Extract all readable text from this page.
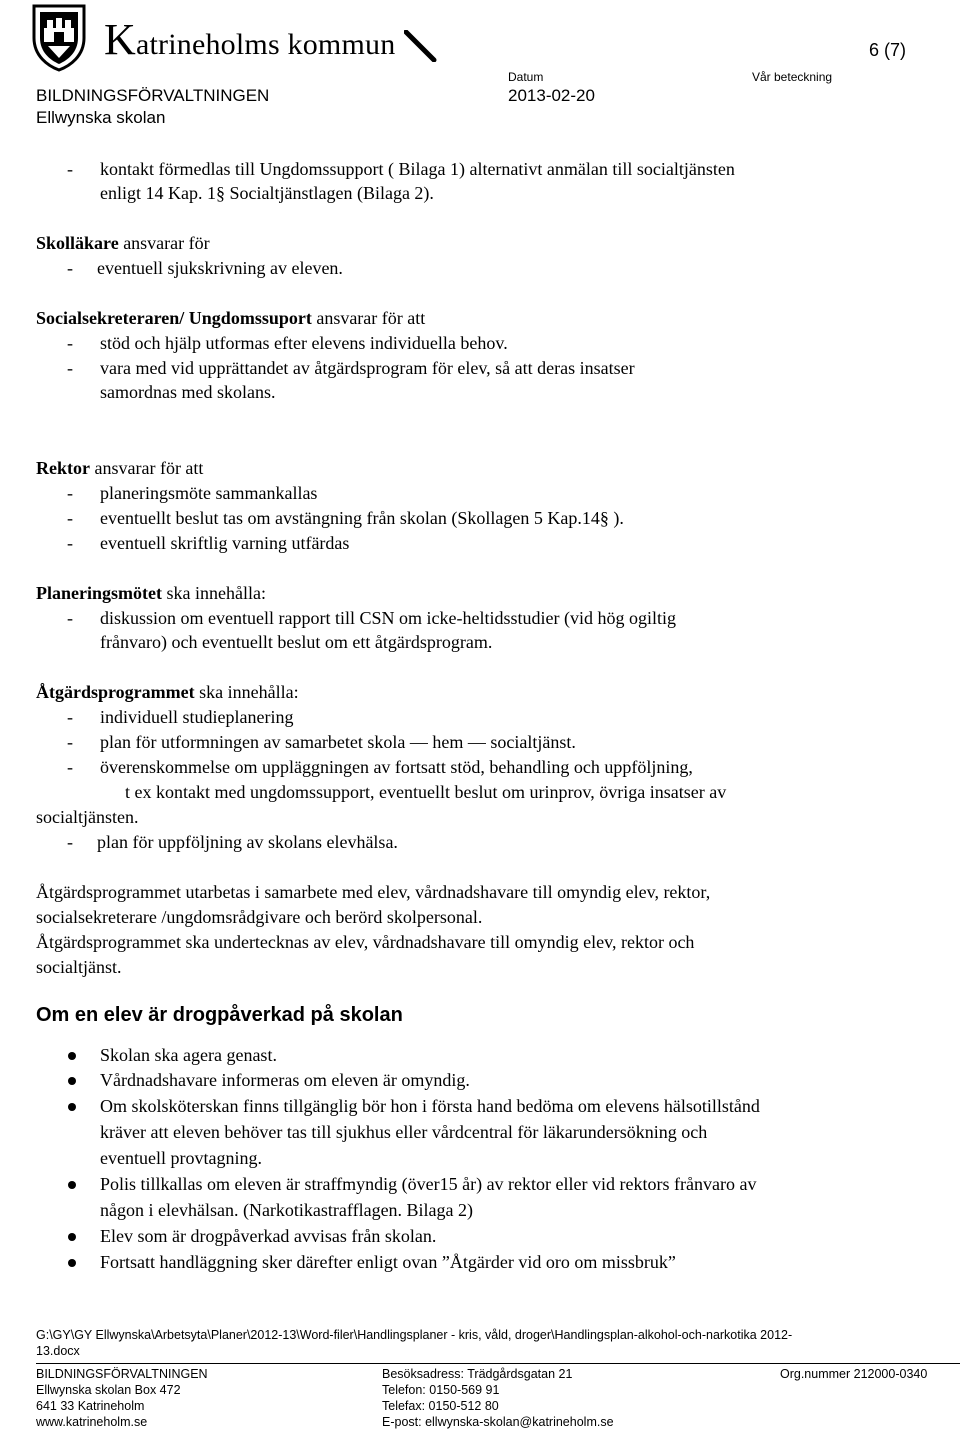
Katrineholms kommun	6 (7)
Datum	Vår beteckning
BILDNINGSFÖRVALTNINGEN	2013-02-20
Ellwynska skolan
- kontakt förmedlas till Ungdomssupport ( Bilaga 1) alternativt anmälan till socialtjänsten
enligt 14 Kap. 1§ Socialtjänstlagen (Bilaga 2).
Skolläkare ansvarar för
- eventuell sjukskrivning av eleven.
Socialsekreteraren/ Ungdomssuport ansvarar för att
- stöd och hjälp utformas efter elevens individuella behov.
- vara med vid upprättandet av åtgärdsprogram för elev, så att deras insatser
samordnas med skolans.
Rektor ansvarar för att
- planeringsmöte sammankallas
- eventuellt beslut tas om avstängning från skolan (Skollagen 5 Kap.14§ ).
- eventuell skriftlig varning utfärdas
Planeringsmötet ska innehålla:
- diskussion om eventuell rapport till CSN om icke-heltidsstudier (vid hög ogiltig
frånvaro) och eventuellt beslut om ett åtgärdsprogram.
Åtgärdsprogrammet ska innehålla:
- individuell studieplanering
- plan för utformningen av samarbetet skola — hem — socialtjänst.
- överenskommelse om uppläggningen av fortsatt stöd, behandling och uppföljning,
t ex kontakt med ungdomssupport, eventuellt beslut om urinprov, övriga insatser av
socialtjänsten.
- plan för uppföljning av skolans elevhälsa.
Åtgärdsprogrammet utarbetas i samarbete med elev, vårdnadshavare till omyndig elev, rektor,
socialsekreterare /ungdomsrådgivare och berörd skolpersonal.
Åtgärdsprogrammet ska undertecknas av elev, vårdnadshavare till omyndig elev, rektor och
socialtjänst.
Om en elev är drogpåverkad på skolan
Skolan ska agera genast.
Vårdnadshavare informeras om eleven är omyndig.
Om skolsköterskan finns tillgänglig bör hon i första hand bedöma om elevens hälsotillstånd
kräver att eleven behöver tas till sjukhus eller vårdcentral för läkarundersökning och
eventuell provtagning.
Polis tillkallas om eleven är straffmyndig (över15 år) av rektor eller vid rektors frånvaro av
någon i elevhälsan. (Narkotikastrafflagen. Bilaga 2)
Elev som är drogpåverkad avvisas från skolan.
Fortsatt handläggning sker därefter enligt ovan ”Åtgärder vid oro om missbruk”
G:\GY\GY Ellwynska\Arbetsyta\Planer\2012-13\Word-filer\Handlingsplaner - kris, våld, droger\Handlingsplan-alkohol-och-narkotika 2012-
13.docx
BILDNINGSFÖRVALTNINGEN
Ellwynska skolan Box 472
641 33 Katrineholm
www.katrineholm.se
Besöksadress: Trädgårdsgatan 21
Telefon: 0150-569 91
Telefax: 0150-512 80
E-post: ellwynska-skolan@katrineholm.se
Org.nummer 212000-0340
